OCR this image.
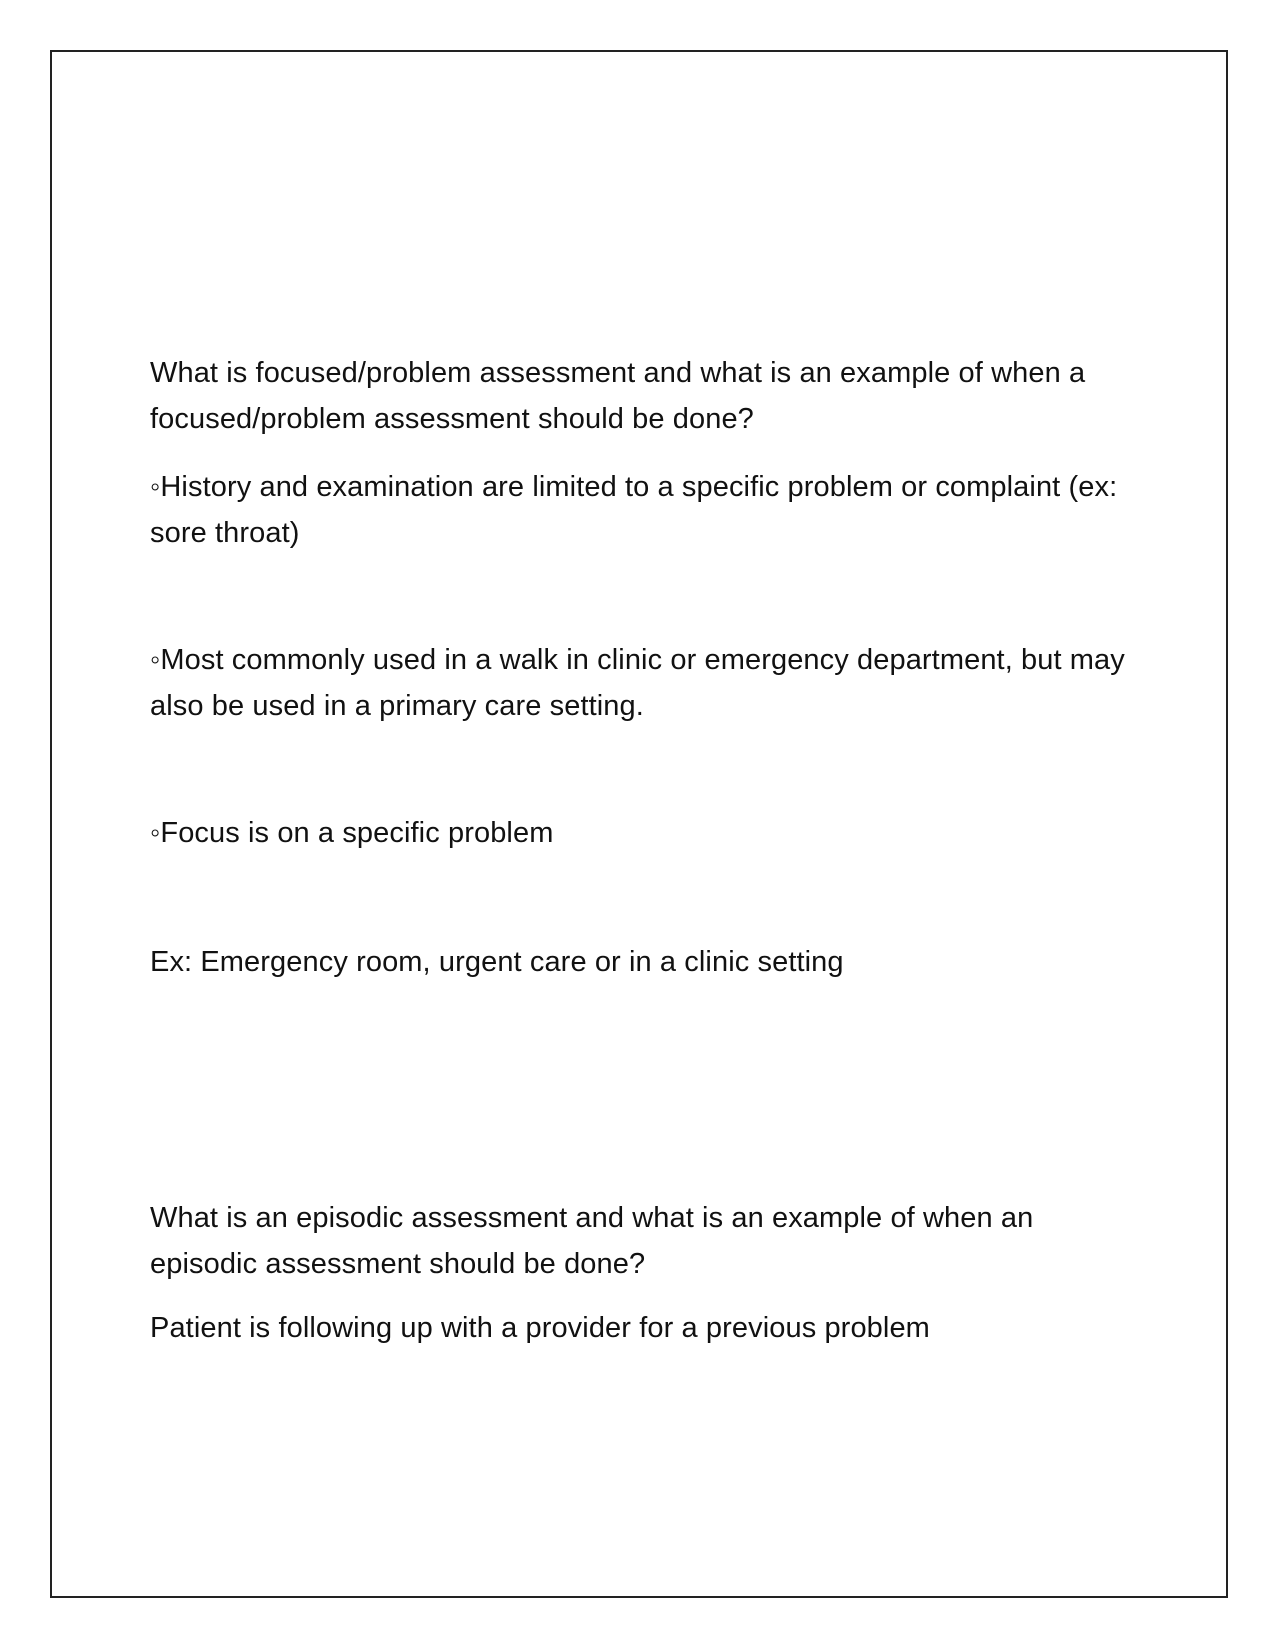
What is focused/problem assessment and what is an example of when a focused/problem assessment should be done?

◦History and examination are limited to a specific problem or complaint (ex: sore throat)

◦Most commonly used in a walk in clinic or emergency department, but may also be used in a primary care setting.

◦Focus is on a specific problem

Ex: Emergency room, urgent care or in a clinic setting

What is an episodic assessment and what is an example of when an episodic assessment should be done?

Patient is following up with a provider for a previous problem
